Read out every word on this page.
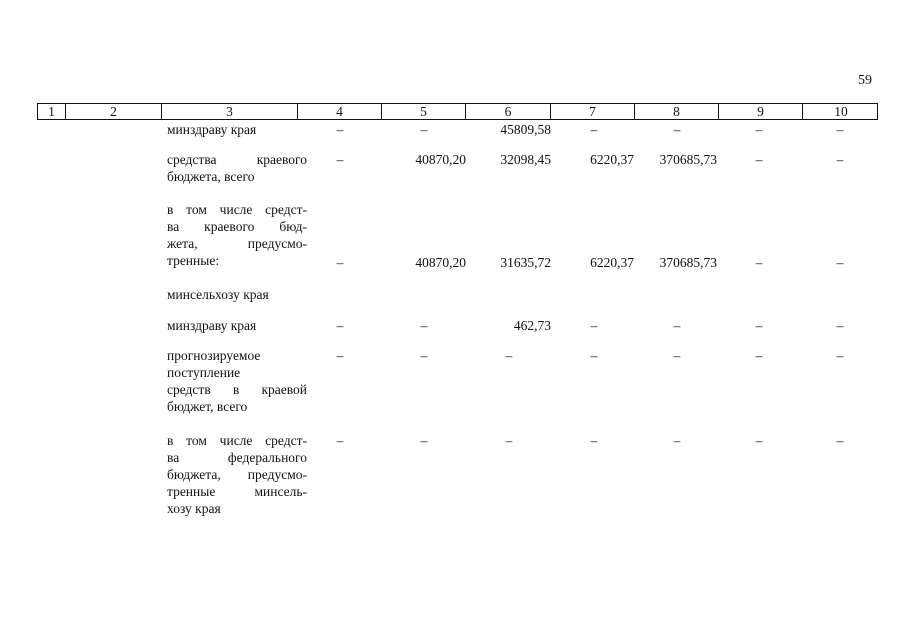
59
1	2	3	4	5	6	7	8	9	10
минздраву края	–	–	45809,58	–	–	–	–
средства краевого
бюджета, всего
–	40870,20	32098,45	6220,37	370685,73	–	–
в том числе средст-
ва краевого бюд-
жета, предусмо-
тренные:	–	40870,20	31635,72	6220,37	370685,73	–	–
минсельхозу края
минздраву края	–	–	462,73	–	–	–	–
прогнозируемое
поступление
средств в краевой
бюджет, всего
–	–	–	–	–	–	–
в том числе средст-
ва федерального
бюджета, предусмо-
тренные минсель-
хозу края
–	–	–	–	–	–	–
